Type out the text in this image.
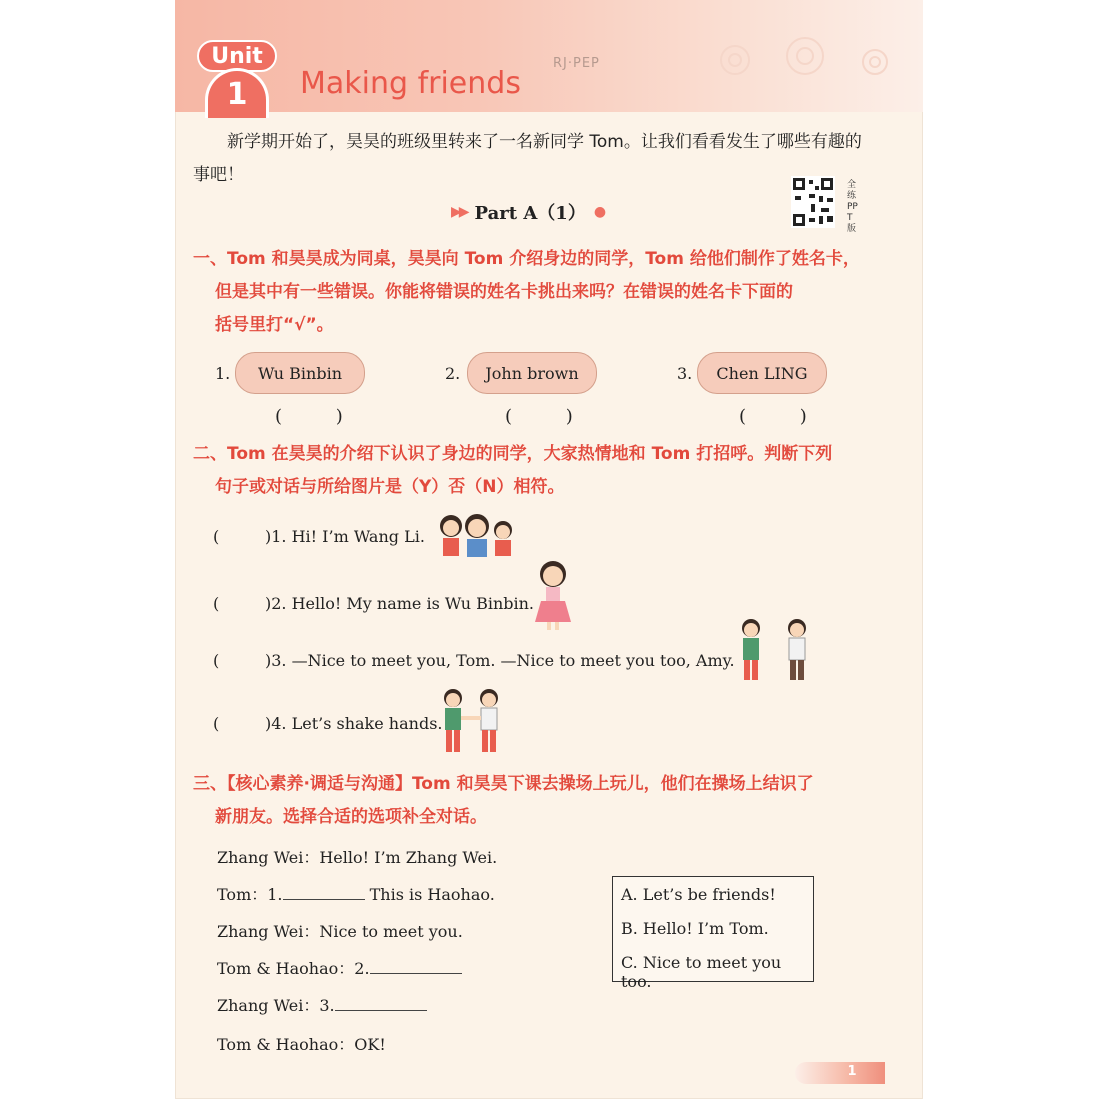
Unit
1	Making friends
RJ·PEP
新学期开始了，昊昊的班级里转来了一名新同学 Tom。让我们看看发生了哪些有趣的事吧！	全练PPT版
▶▶ Part A（1） ●
一、Tom 和昊昊成为同桌，昊昊向 Tom 介绍身边的同学，Tom 给他们制作了姓名卡，
但是其中有一些错误。你能将错误的姓名卡挑出来吗？在错误的姓名卡下面的
括号里打“√”。
1.	Wu Binbin
( )
2.	John brown
( )
3.	Chen LING
( )
二、Tom 在昊昊的介绍下认识了身边的同学，大家热情地和 Tom 打招呼。判断下列
句子或对话与所给图片是（Y）否（N）相符。
(	)1. Hi! I’m Wang Li.
(	)2. Hello! My name is Wu Binbin.
(	)3. —Nice to meet you, Tom. —Nice to meet you too, Amy.
(	)4. Let’s shake hands.
三、【核心素养·调适与沟通】Tom 和昊昊下课去操场上玩儿，他们在操场上结识了
新朋友。选择合适的选项补全对话。
Zhang Wei：Hello! I’m Zhang Wei.
Tom：1.	This is Haohao.
Zhang Wei：Nice to meet you.
Tom & Haohao：2.
Zhang Wei：3.
Tom & Haohao：OK!
A. Let’s be friends!
B. Hello! I’m Tom.
C. Nice to meet you too.
1
